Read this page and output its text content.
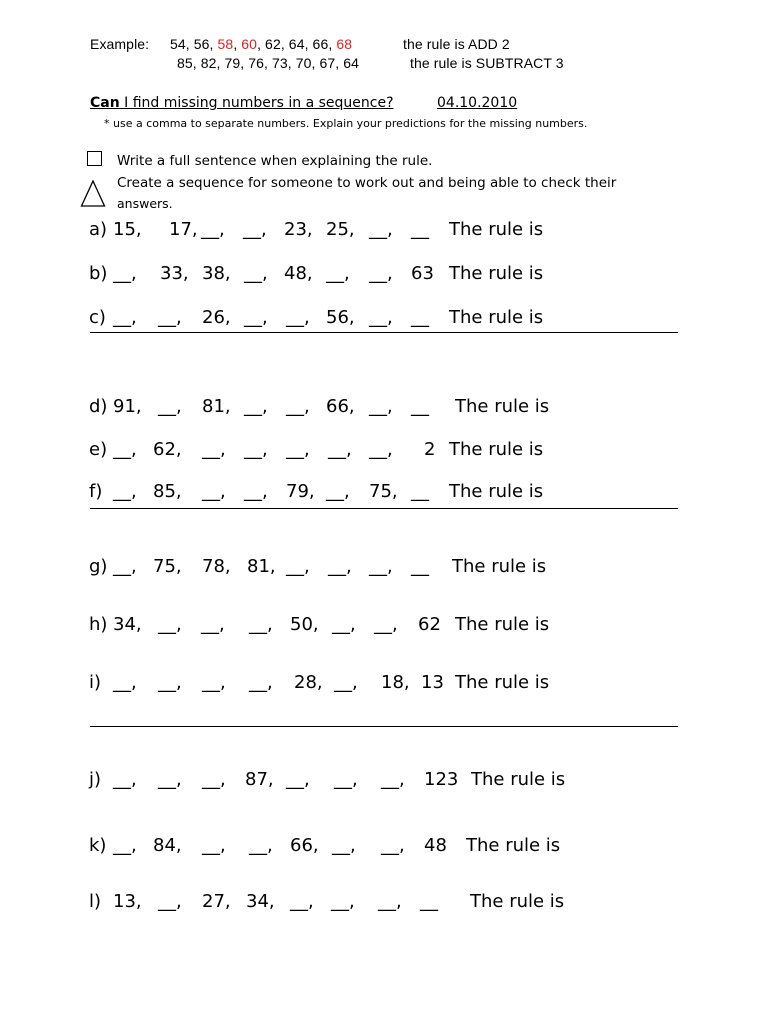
Example: 54, 56, 58, 60, 62, 64, 66, 68	the rule is ADD 2
85, 82, 79, 76, 73, 70, 67, 64	the rule is SUBTRACT 3
Can I find missing numbers in a sequence?	04.10.2010
* use a comma to separate numbers. Explain your predictions for the missing numbers.
Write a full sentence when explaining the rule.
Create a sequence for someone to work out and being able to check their
answers.
a) 15, 17, __, __, 23, 25, __, __ The rule is
b) __, 33, 38, __, 48, __, __, 63 The rule is
c) __, __, 26, __, __, 56, __, __ The rule is
d) 91, __, 81, __, __, 66, __, __ The rule is
e) __, 62, __, __, __, __, __, 2 The rule is
f) __, 85, __, __, 79, __, 75, __ The rule is
g) __, 75, 78, 81, __, __, __, __ The rule is
h) 34, __, __, __, 50, __, __, 62 The rule is
i) __, __, __, __, 28, __, 18, 13 The rule is
j) __, __, __, 87, __, __, __, 123 The rule is
k) __, 84, __, __, 66, __, __, 48 The rule is
l) 13, __, 27, 34, __, __, __, __ The rule is
